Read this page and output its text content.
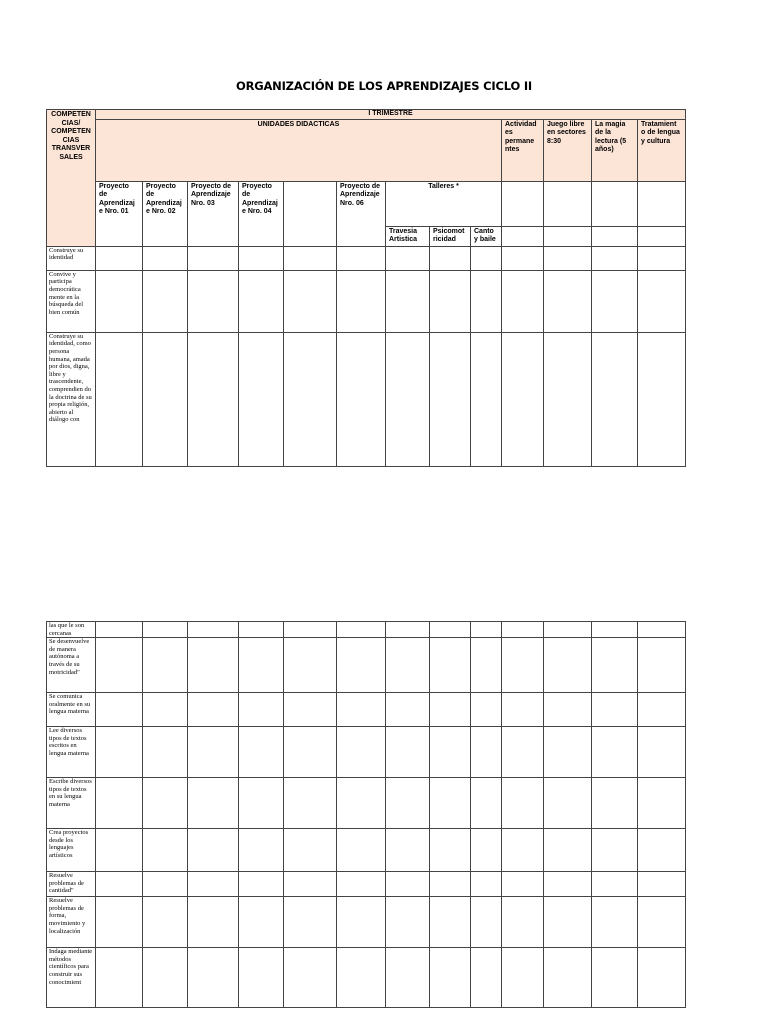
ORGANIZACIÓN DE LOS APRENDIZAJES CICLO II
COMPETEN CIAS/ COMPETEN CIAS TRANSVER SALES	I TRIMESTRE												
	UNIDADES DIDACTICAS									Actividad es permane ntes	Juego libre en sectores 8:30	La magia de la lectura (5 años)	Tratamient o de lengua y cultura
	Proyecto de Aprendizaj e Nro. 01	Proyecto de Aprendizaj e Nro. 02	Proyecto de Aprendizaje Nro. 03	Proyecto de Aprendizaj e Nro. 04		Proyecto de Aprendizaje Nro. 06	Talleres *						
							Travesia Artistica	Psicomot ricidad	Canto y baile				
Construye su identidad													
Convive y participa democrática mente en la búsqueda del bien común													
Construye su identidad, como persona humana, amada por dios, digna, libre y trascendente, comprendien do la doctrina de su propia religión, abierto al diálogo con													
las que le son cercanas													
Se desenvuelve de manera autónoma a través de su motricidad"													
Se comunica oralmente en su lengua materna													
Lee diversos tipos de textos escritos en lengua materna													
Escribe diversos tipos de textos en su lengua materna													
Crea proyectos desde los lenguajes artísticos													
Resuelve problemas de cantidad"													
Resuelve problemas de forma, movimiento y localización													
Indaga mediante métodos científicos para construir sus conocimient													
